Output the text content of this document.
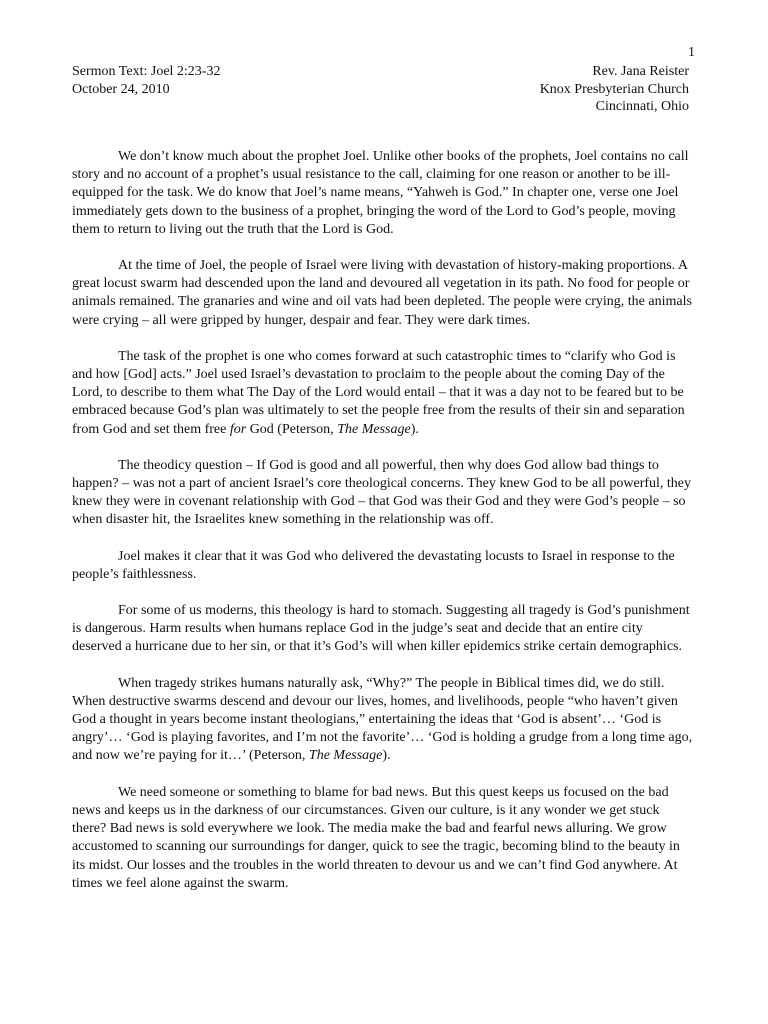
1
Sermon Text: Joel 2:23-32
October 24, 2010
Rev. Jana Reister
Knox Presbyterian Church
Cincinnati, Ohio

We don’t know much about the prophet Joel. Unlike other books of the prophets, Joel contains no call story and no account of a prophet’s usual resistance to the call, claiming for one reason or another to be ill-equipped for the task. We do know that Joel’s name means, “Yahweh is God.” In chapter one, verse one Joel immediately gets down to the business of a prophet, bringing the word of the Lord to God’s people, moving them to return to living out the truth that the Lord is God.

At the time of Joel, the people of Israel were living with devastation of history-making proportions. A great locust swarm had descended upon the land and devoured all vegetation in its path. No food for people or animals remained. The granaries and wine and oil vats had been depleted. The people were crying, the animals were crying – all were gripped by hunger, despair and fear. They were dark times.

The task of the prophet is one who comes forward at such catastrophic times to “clarify who God is and how [God] acts.” Joel used Israel’s devastation to proclaim to the people about the coming Day of the Lord, to describe to them what The Day of the Lord would entail – that it was a day not to be feared but to be embraced because God’s plan was ultimately to set the people free from the results of their sin and separation from God and set them free for God (Peterson, The Message).

The theodicy question – If God is good and all powerful, then why does God allow bad things to happen? – was not a part of ancient Israel’s core theological concerns. They knew God to be all powerful, they knew they were in covenant relationship with God – that God was their God and they were God’s people – so when disaster hit, the Israelites knew something in the relationship was off.

Joel makes it clear that it was God who delivered the devastating locusts to Israel in response to the people’s faithlessness.

For some of us moderns, this theology is hard to stomach. Suggesting all tragedy is God’s punishment is dangerous. Harm results when humans replace God in the judge’s seat and decide that an entire city deserved a hurricane due to her sin, or that it’s God’s will when killer epidemics strike certain demographics.

When tragedy strikes humans naturally ask, “Why?” The people in Biblical times did, we do still. When destructive swarms descend and devour our lives, homes, and livelihoods, people “who haven’t given God a thought in years become instant theologians,” entertaining the ideas that ‘God is absent’… ‘God is angry’… ‘God is playing favorites, and I’m not the favorite’… ‘God is holding a grudge from a long time ago, and now we’re paying for it…’ (Peterson, The Message).

We need someone or something to blame for bad news. But this quest keeps us focused on the bad news and keeps us in the darkness of our circumstances. Given our culture, is it any wonder we get stuck there? Bad news is sold everywhere we look. The media make the bad and fearful news alluring. We grow accustomed to scanning our surroundings for danger, quick to see the tragic, becoming blind to the beauty in its midst. Our losses and the troubles in the world threaten to devour us and we can’t find God anywhere. At times we feel alone against the swarm.
